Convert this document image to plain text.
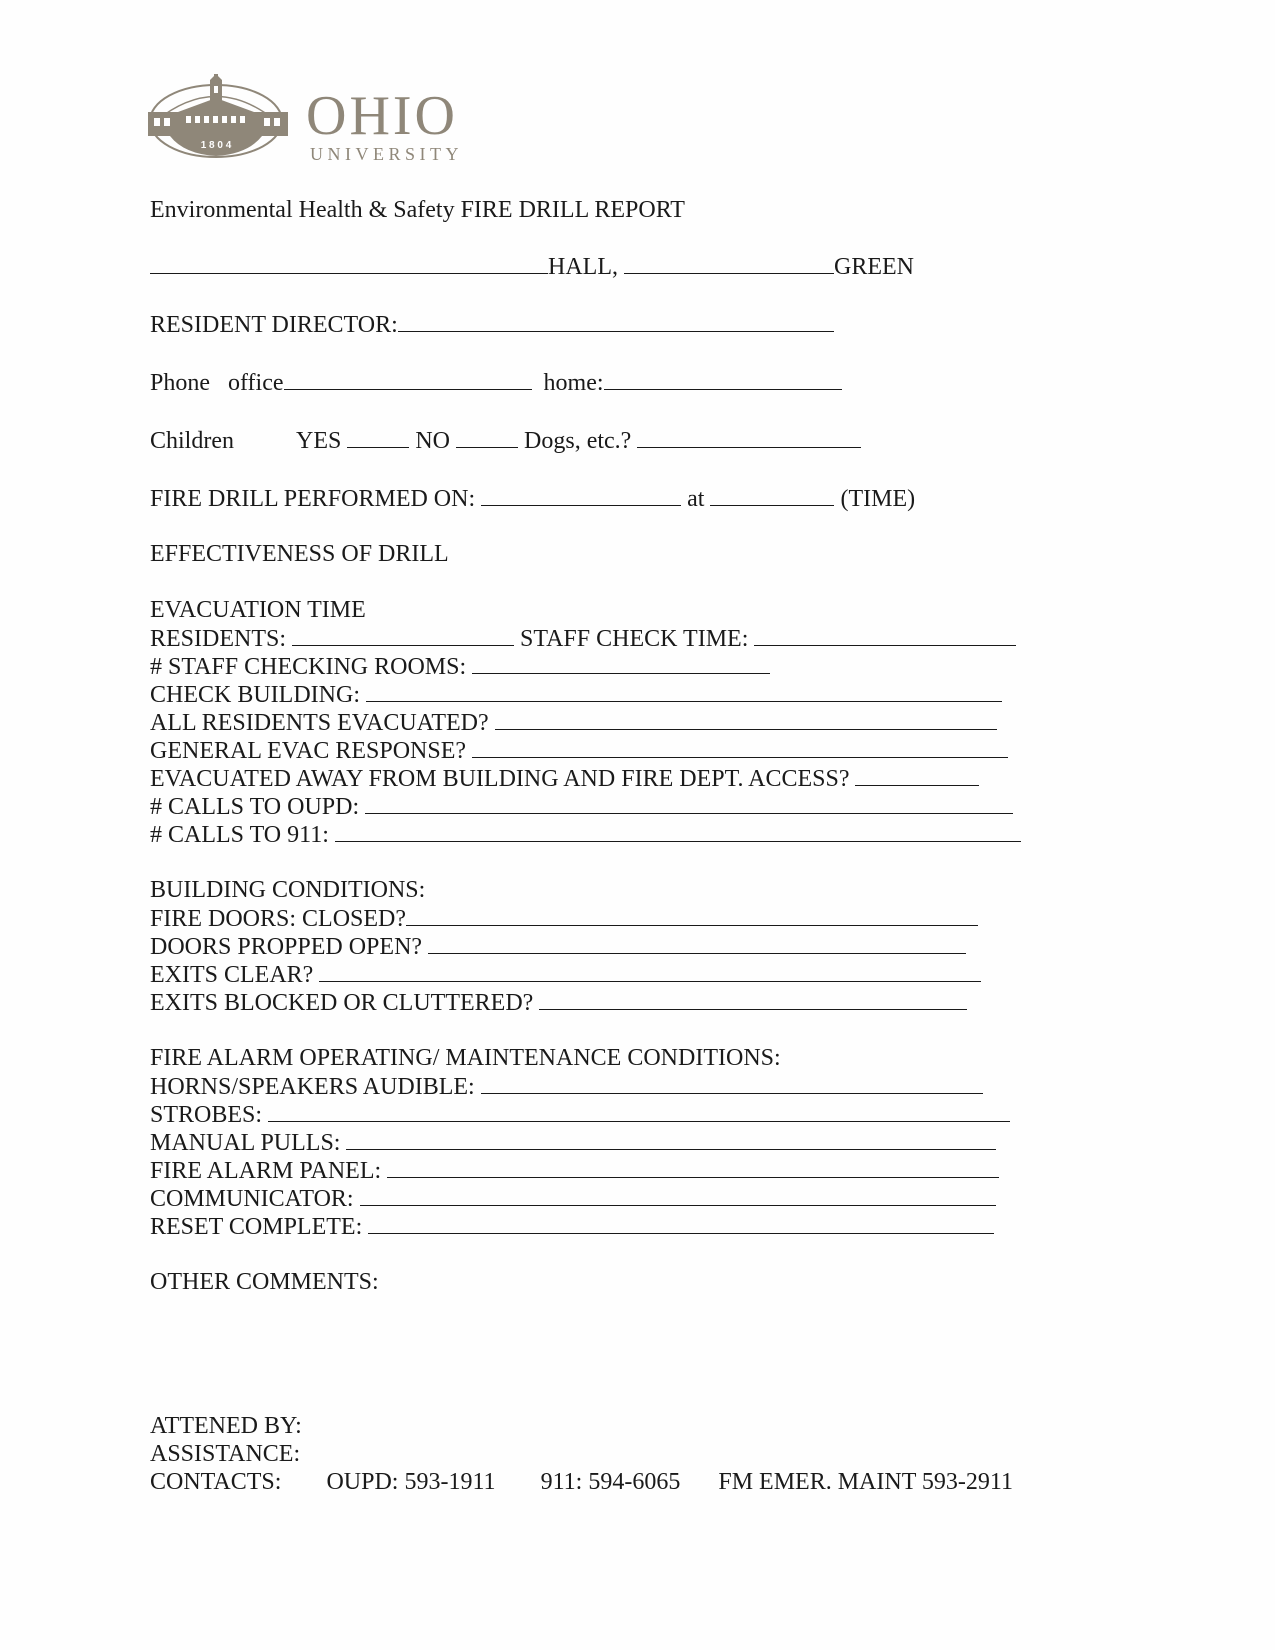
1 8 0 4 OHIO
UNIVERSITY
Environmental Health & Safety FIRE DRILL REPORT
HALL,	GREEN
RESIDENT DIRECTOR:
Phone office	home:
Children	YES	NO	Dogs, etc.?
FIRE DRILL PERFORMED ON:	at	(TIME)
EFFECTIVENESS OF DRILL
EVACUATION TIME
RESIDENTS:	STAFF CHECK TIME:
# STAFF CHECKING ROOMS:
CHECK BUILDING:
ALL RESIDENTS EVACUATED?
GENERAL EVAC RESPONSE?
EVACUATED AWAY FROM BUILDING AND FIRE DEPT. ACCESS?
# CALLS TO OUPD:
# CALLS TO 911:
BUILDING CONDITIONS:
FIRE DOORS: CLOSED?
DOORS PROPPED OPEN?
EXITS CLEAR?
EXITS BLOCKED OR CLUTTERED?
FIRE ALARM OPERATING/ MAINTENANCE CONDITIONS:
HORNS/SPEAKERS AUDIBLE:
STROBES:
MANUAL PULLS:
FIRE ALARM PANEL:
COMMUNICATOR:
RESET COMPLETE:
OTHER COMMENTS:
ATTENED BY:
ASSISTANCE:
CONTACTS: OUPD: 593-1911 911: 594-6065 FM EMER. MAINT 593-2911
